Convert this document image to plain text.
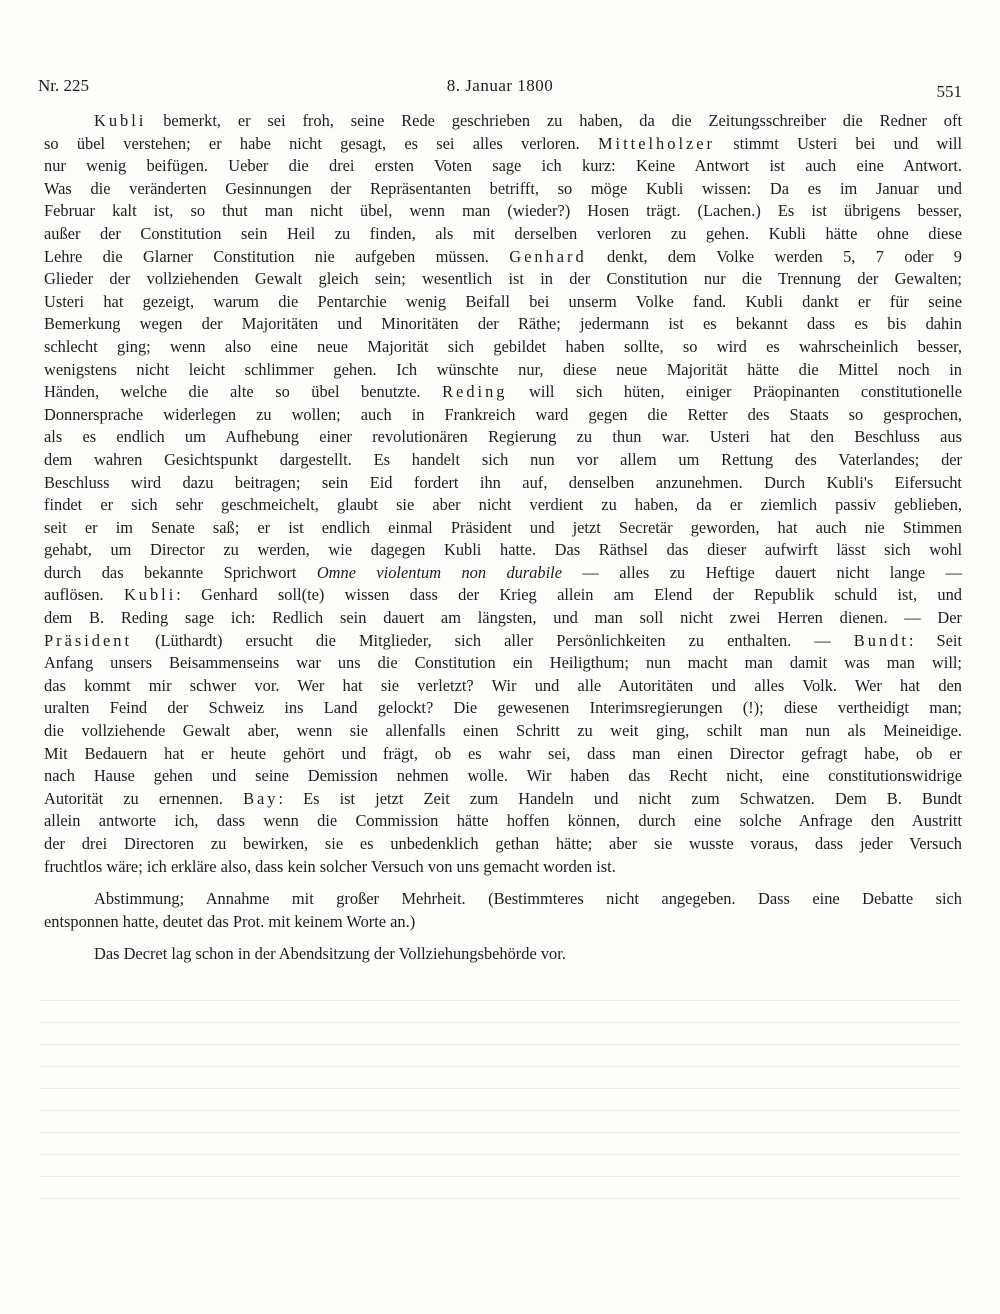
Nr. 225	8. Januar 1800	551
Kubli bemerkt, er sei froh, seine Rede geschrieben zu haben, da die Zeitungsschreiber die Redner oft
so übel verstehen; er habe nicht gesagt, es sei alles verloren. Mittelholzer stimmt Usteri bei und will
nur wenig beifügen. Ueber die drei ersten Voten sage ich kurz: Keine Antwort ist auch eine Antwort.
Was die veränderten Gesinnungen der Repräsentanten betrifft, so möge Kubli wissen: Da es im Januar und
Februar kalt ist, so thut man nicht übel, wenn man (wieder?) Hosen trägt. (Lachen.) Es ist übrigens besser,
außer der Constitution sein Heil zu finden, als mit derselben verloren zu gehen. Kubli hätte ohne diese
Lehre die Glarner Constitution nie aufgeben müssen. Genhard denkt, dem Volke werden 5, 7 oder 9
Glieder der vollziehenden Gewalt gleich sein; wesentlich ist in der Constitution nur die Trennung der Gewalten;
Usteri hat gezeigt, warum die Pentarchie wenig Beifall bei unserm Volke fand. Kubli dankt er für seine
Bemerkung wegen der Majoritäten und Minoritäten der Räthe; jedermann ist es bekannt dass es bis dahin
schlecht ging; wenn also eine neue Majorität sich gebildet haben sollte, so wird es wahrscheinlich besser,
wenigstens nicht leicht schlimmer gehen. Ich wünschte nur, diese neue Majorität hätte die Mittel noch in
Händen, welche die alte so übel benutzte. Reding will sich hüten, einiger Präopinanten constitutionelle
Donnersprache widerlegen zu wollen; auch in Frankreich ward gegen die Retter des Staats so gesprochen,
als es endlich um Aufhebung einer revolutionären Regierung zu thun war. Usteri hat den Beschluss aus
dem wahren Gesichtspunkt dargestellt. Es handelt sich nun vor allem um Rettung des Vaterlandes; der
Beschluss wird dazu beitragen; sein Eid fordert ihn auf, denselben anzunehmen. Durch Kubli's Eifersucht
findet er sich sehr geschmeichelt, glaubt sie aber nicht verdient zu haben, da er ziemlich passiv geblieben,
seit er im Senate saß; er ist endlich einmal Präsident und jetzt Secretär geworden, hat auch nie Stimmen
gehabt, um Director zu werden, wie dagegen Kubli hatte. Das Räthsel das dieser aufwirft lässt sich wohl
durch das bekannte Sprichwort Omne violentum non durabile — alles zu Heftige dauert nicht lange —
auflösen. Kubli: Genhard soll(te) wissen dass der Krieg allein am Elend der Republik schuld ist, und
dem B. Reding sage ich: Redlich sein dauert am längsten, und man soll nicht zwei Herren dienen. — Der
Präsident (Lüthardt) ersucht die Mitglieder, sich aller Persönlichkeiten zu enthalten. — Bundt: Seit
Anfang unsers Beisammenseins war uns die Constitution ein Heiligthum; nun macht man damit was man will;
das kommt mir schwer vor. Wer hat sie verletzt? Wir und alle Autoritäten und alles Volk. Wer hat den
uralten Feind der Schweiz ins Land gelockt? Die gewesenen Interimsregierungen (!); diese vertheidigt man;
die vollziehende Gewalt aber, wenn sie allenfalls einen Schritt zu weit ging, schilt man nun als Meineidige.
Mit Bedauern hat er heute gehört und frägt, ob es wahr sei, dass man einen Director gefragt habe, ob er
nach Hause gehen und seine Demission nehmen wolle. Wir haben das Recht nicht, eine constitutionswidrige
Autorität zu ernennen. Bay: Es ist jetzt Zeit zum Handeln und nicht zum Schwatzen. Dem B. Bundt
allein antworte ich, dass wenn die Commission hätte hoffen können, durch eine solche Anfrage den Austritt
der drei Directoren zu bewirken, sie es unbedenklich gethan hätte; aber sie wusste voraus, dass jeder Versuch
fruchtlos wäre; ich erkläre also, dass kein solcher Versuch von uns gemacht worden ist.
Abstimmung; Annahme mit großer Mehrheit. (Bestimmteres nicht angegeben. Dass eine Debatte sich
entsponnen hatte, deutet das Prot. mit keinem Worte an.)
Das Decret lag schon in der Abendsitzung der Vollziehungsbehörde vor.
